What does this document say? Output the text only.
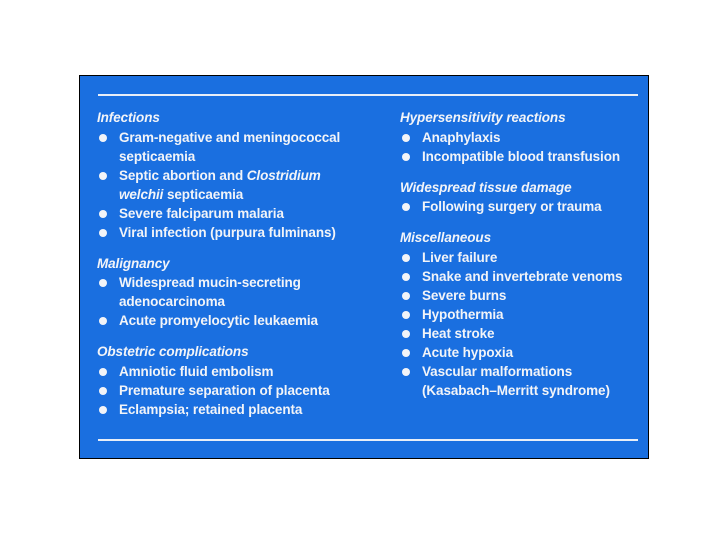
Infections
Gram-negative and meningococcal
septicaemia
Septic abortion and Clostridium
welchii septicaemia
Severe falciparum malaria
Viral infection (purpura fulminans)
Malignancy
Widespread mucin-secreting
adenocarcinoma
Acute promyelocytic leukaemia
Obstetric complications
Amniotic fluid embolism
Premature separation of placenta
Eclampsia; retained placenta
Hypersensitivity reactions
Anaphylaxis
Incompatible blood transfusion
Widespread tissue damage
Following surgery or trauma
Miscellaneous
Liver failure
Snake and invertebrate venoms
Severe burns
Hypothermia
Heat stroke
Acute hypoxia
Vascular malformations
(Kasabach–Merritt syndrome)
